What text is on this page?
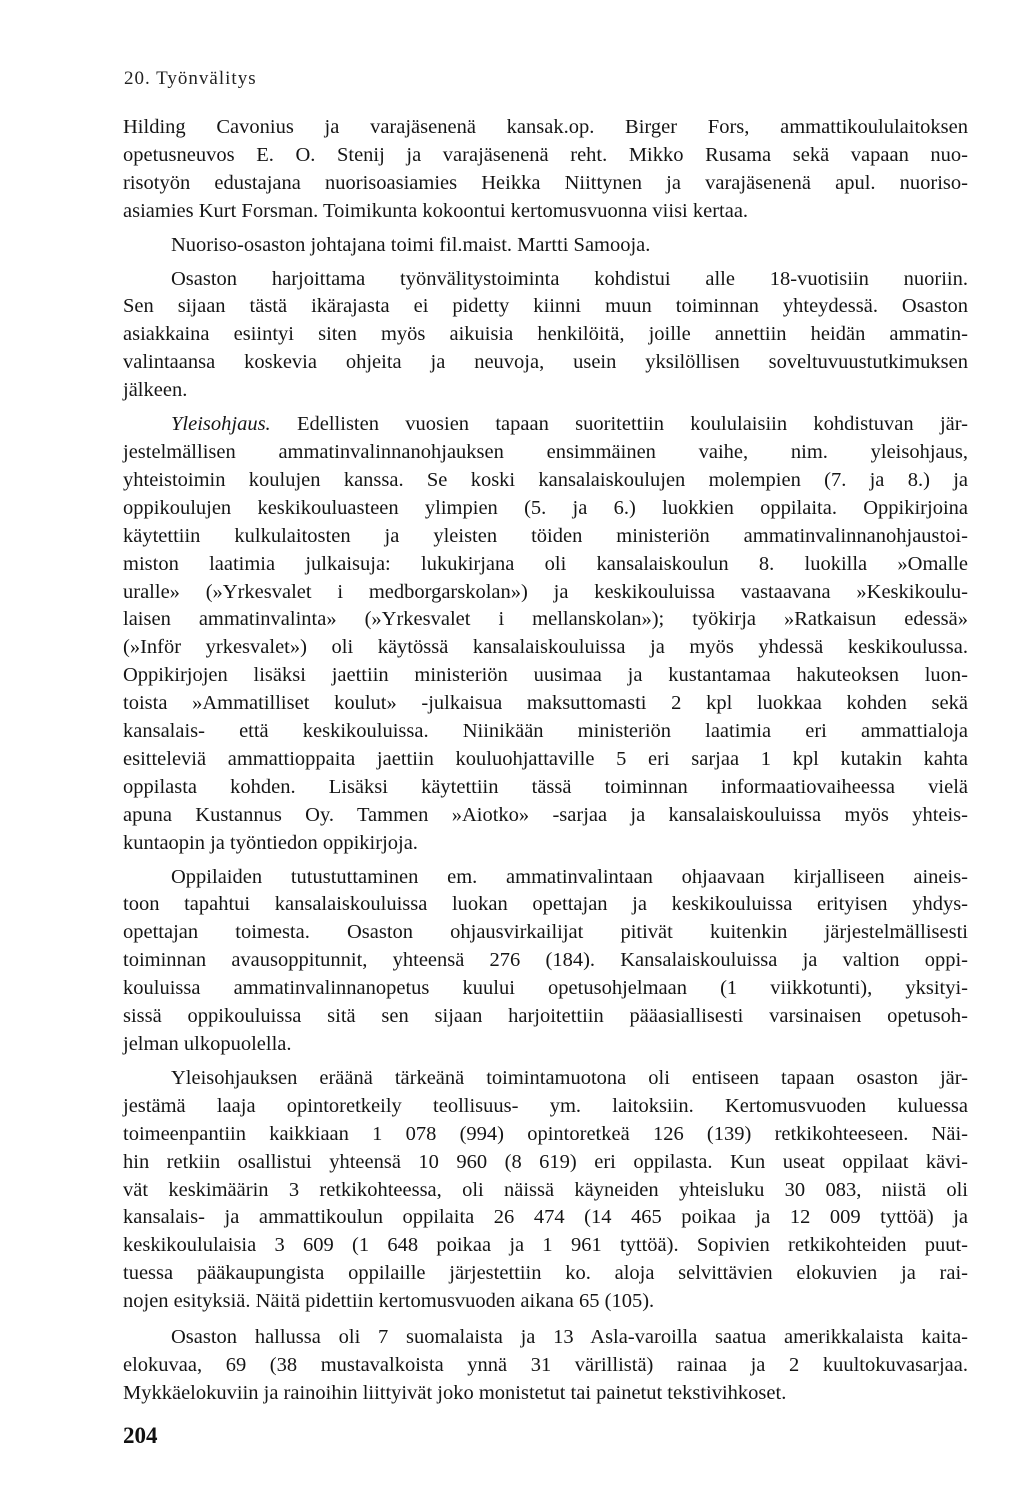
20. Työnvälitys
Hilding Cavonius ja varajäsenenä kansak.op. Birger Fors, ammattikoululaitoksen
opetusneuvos E. O. Stenij ja varajäsenenä reht. Mikko Rusama sekä vapaan nuo-
risotyön edustajana nuorisoasiamies Heikka Niittynen ja varajäsenenä apul. nuoriso-
asiamies Kurt Forsman. Toimikunta kokoontui kertomusvuonna viisi kertaa.
Nuoriso-osaston johtajana toimi fil.maist. Martti Samooja.
Osaston harjoittama työnvälitystoiminta kohdistui alle 18-vuotisiin nuoriin.
Sen sijaan tästä ikärajasta ei pidetty kiinni muun toiminnan yhteydessä. Osaston
asiakkaina esiintyi siten myös aikuisia henkilöitä, joille annettiin heidän ammatin-
valintaansa koskevia ohjeita ja neuvoja, usein yksilöllisen soveltuvuustutkimuksen
jälkeen.
Yleisohjaus. Edellisten vuosien tapaan suoritettiin koululaisiin kohdistuvan jär-
jestelmällisen ammatinvalinnanohjauksen ensimmäinen vaihe, nim. yleisohjaus,
yhteistoimin koulujen kanssa. Se koski kansalaiskoulujen molempien (7. ja 8.) ja
oppikoulujen keskikouluasteen ylimpien (5. ja 6.) luokkien oppilaita. Oppikirjoina
käytettiin kulkulaitosten ja yleisten töiden ministeriön ammatinvalinnanohjaustoi-
miston laatimia julkaisuja: lukukirjana oli kansalaiskoulun 8. luokilla »Omalle
uralle» (»Yrkesvalet i medborgarskolan») ja keskikouluissa vastaavana »Keskikoulu-
laisen ammatinvalinta» (»Yrkesvalet i mellanskolan»); työkirja »Ratkaisun edessä»
(»Inför yrkesvalet») oli käytössä kansalaiskouluissa ja myös yhdessä keskikoulussa.
Oppikirjojen lisäksi jaettiin ministeriön uusimaa ja kustantamaa hakuteoksen luon-
toista »Ammatilliset koulut» -julkaisua maksuttomasti 2 kpl luokkaa kohden sekä
kansalais- että keskikouluissa. Niinikään ministeriön laatimia eri ammattialoja
esitteleviä ammattioppaita jaettiin kouluohjattaville 5 eri sarjaa 1 kpl kutakin kahta
oppilasta kohden. Lisäksi käytettiin tässä toiminnan informaatiovaiheessa vielä
apuna Kustannus Oy. Tammen »Aiotko» -sarjaa ja kansalaiskouluissa myös yhteis-
kuntaopin ja työntiedon oppikirjoja.
Oppilaiden tutustuttaminen em. ammatinvalintaan ohjaavaan kirjalliseen aineis-
toon tapahtui kansalaiskouluissa luokan opettajan ja keskikouluissa erityisen yhdys-
opettajan toimesta. Osaston ohjausvirkailijat pitivät kuitenkin järjestelmällisesti
toiminnan avausoppitunnit, yhteensä 276 (184). Kansalaiskouluissa ja valtion oppi-
kouluissa ammatinvalinnanopetus kuului opetusohjelmaan (1 viikkotunti), yksityi-
sissä oppikouluissa sitä sen sijaan harjoitettiin pääasiallisesti varsinaisen opetusoh-
jelman ulkopuolella.
Yleisohjauksen eräänä tärkeänä toimintamuotona oli entiseen tapaan osaston jär-
jestämä laaja opintoretkeily teollisuus- ym. laitoksiin. Kertomusvuoden kuluessa
toimeenpantiin kaikkiaan 1 078 (994) opintoretkeä 126 (139) retkikohteeseen. Näi-
hin retkiin osallistui yhteensä 10 960 (8 619) eri oppilasta. Kun useat oppilaat kävi-
vät keskimäärin 3 retkikohteessa, oli näissä käyneiden yhteisluku 30 083, niistä oli
kansalais- ja ammattikoulun oppilaita 26 474 (14 465 poikaa ja 12 009 tyttöä) ja
keskikoululaisia 3 609 (1 648 poikaa ja 1 961 tyttöä). Sopivien retkikohteiden puut-
tuessa pääkaupungista oppilaille järjestettiin ko. aloja selvittävien elokuvien ja rai-
nojen esityksiä. Näitä pidettiin kertomusvuoden aikana 65 (105).
Osaston hallussa oli 7 suomalaista ja 13 Asla-varoilla saatua amerikkalaista kaita-
elokuvaa, 69 (38 mustavalkoista ynnä 31 värillistä) rainaa ja 2 kuultokuvasarjaa.
Mykkäelokuviin ja rainoihin liittyivät joko monistetut tai painetut tekstivihkoset.
204
